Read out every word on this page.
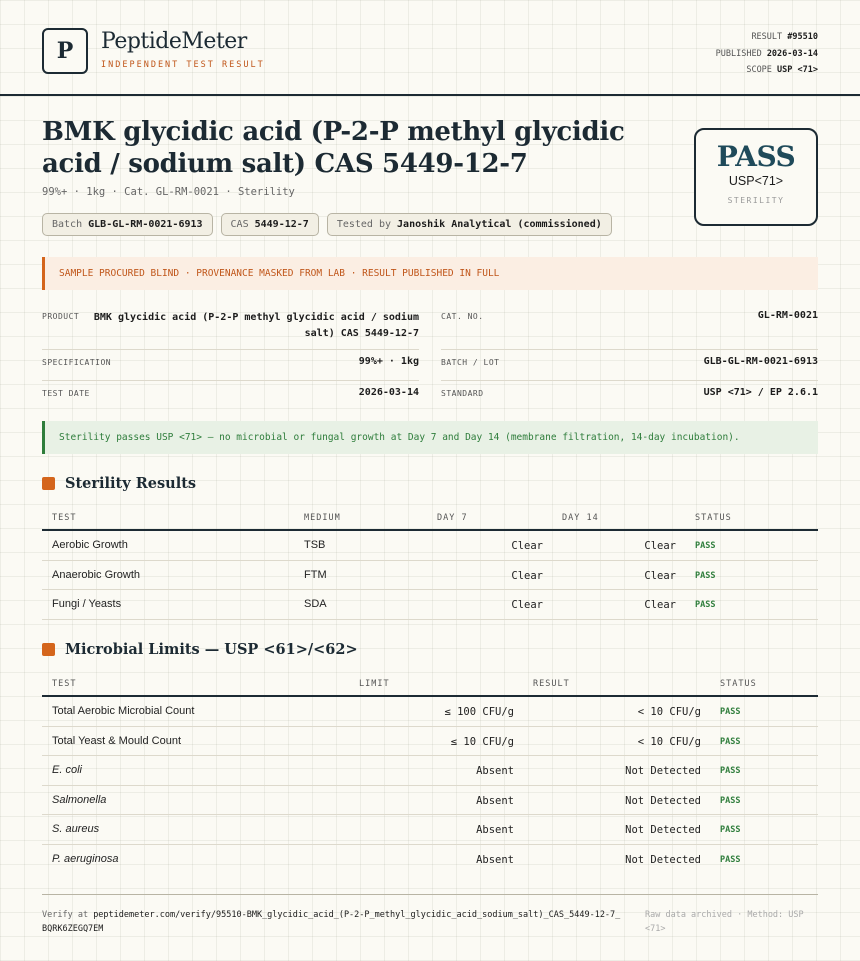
P	PeptideMeter
INDEPENDENT TEST RESULT
RESULT #95510
PUBLISHED 2026-03-14
SCOPE USP <71>
BMK glycidic acid (P-2-P methyl glycidic acid / sodium salt) CAS 5449-12-7
99%+ · 1kg · Cat. GL-RM-0021 · Sterility
Batch GLB-GL-RM-0021-6913	CAS 5449-12-7	Tested by Janoshik Analytical (commissioned)
PASS
USP<71>
STERILITY
SAMPLE PROCURED BLIND · PROVENANCE MASKED FROM LAB · RESULT PUBLISHED IN FULL
PRODUCT	BMK glycidic acid (P-2-P methyl glycidic acid / sodium salt) CAS 5449-12-7
CAT. NO.	GL-RM-0021
SPECIFICATION	99%+ · 1kg	BATCH / LOT	GLB-GL-RM-0021-6913
TEST DATE	2026-03-14	STANDARD	USP <71> / EP 2.6.1
Sterility passes USP <71> — no microbial or fungal growth at Day 7 and Day 14 (membrane filtration, 14-day incubation).
Sterility Results
TEST	MEDIUM	DAY 7	DAY 14	STATUS
Aerobic Growth	TSB	Clear	Clear PASS
Anaerobic Growth	FTM	Clear	Clear PASS
Fungi / Yeasts	SDA	Clear	Clear PASS
Microbial Limits — USP <61>/<62>
TEST	LIMIT	RESULT	STATUS
Total Aerobic Microbial Count	≤ 100 CFU/g	< 10 CFU/g PASS
Total Yeast & Mould Count	≤ 10 CFU/g	< 10 CFU/g PASS
E. coli	Absent	Not Detected PASS
Salmonella	Absent	Not Detected PASS
S. aureus	Absent	Not Detected PASS
P. aeruginosa	Absent	Not Detected PASS
Verify at peptidemeter.com/verify/95510-BMK_glycidic_acid_(P-2-P_methyl_glycidic_acid_sodium_salt)_CAS_5449-12-7_BQRK6ZEGQ7EM
Raw data archived · Method: USP <71>
